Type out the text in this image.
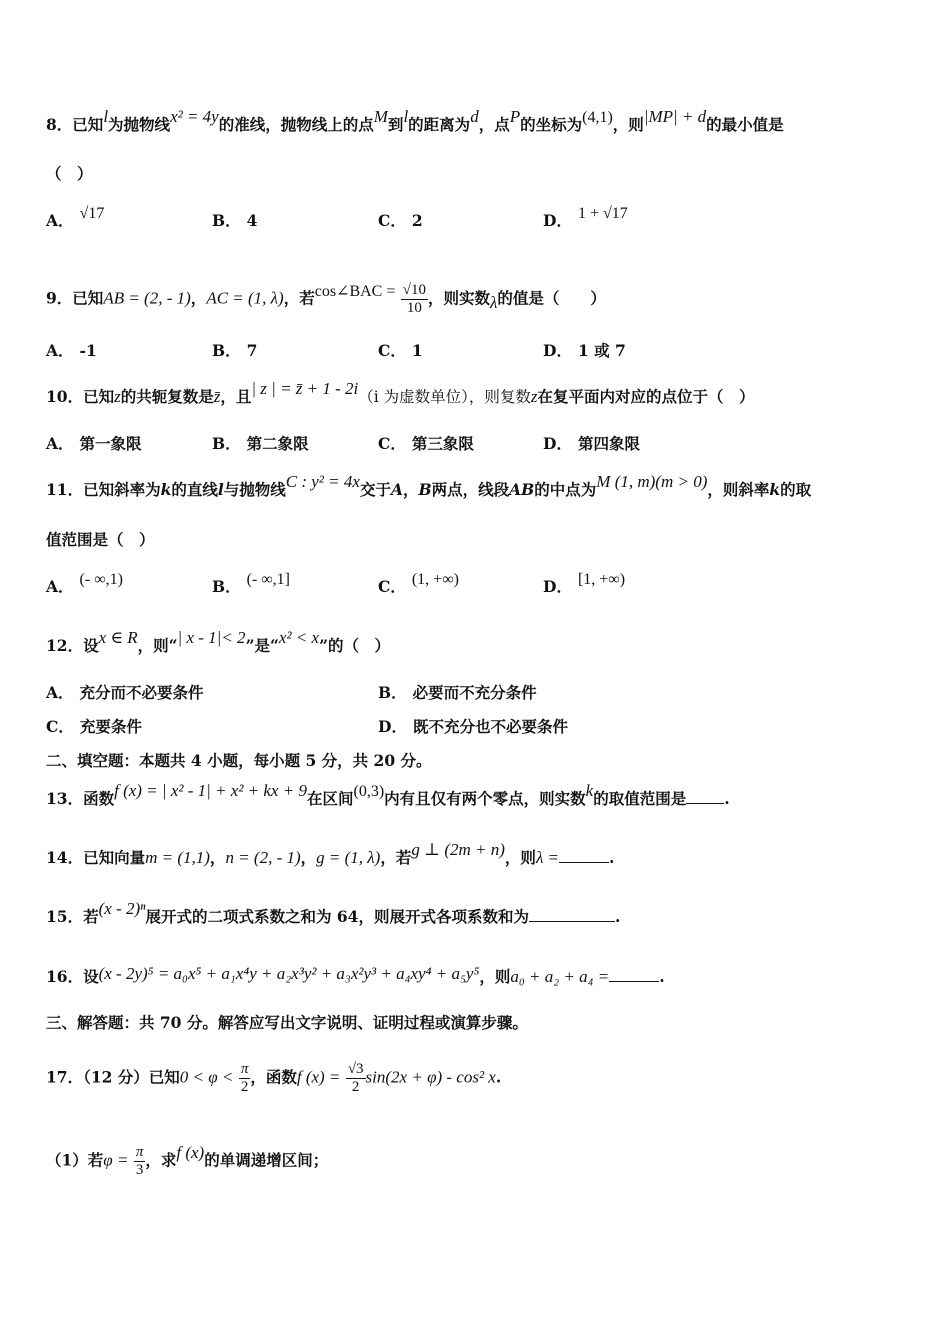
8．已知l为抛物线x² = 4y的准线，抛物线上的点M到l的距离为d，点P的坐标为(4,1)，则|MP| + d的最小值是
（　）
A． √17	B． 4	C． 2	D． 1 + √17
9．已知AB = (2, - 1)，AC = (1, λ)，若cos∠BAC = $\frac{√10}{10}$ ，则实数λ的值是（　　）
A． -1	B． 7	C． 1	D． 1 或 7
10．已知z的共轭复数是z̄，且| z | = z̄ + 1 - 2i（i 为虚数单位），则复数z在复平面内对应的点位于（　）
A． 第一象限	B． 第二象限	C． 第三象限	D． 第四象限
11．已知斜率为k的直线l与抛物线C : y² = 4x交于A，B两点，线段AB的中点为M (1, m)(m > 0)，则斜率k的取
值范围是（　）
A． (- ∞,1)	B． (- ∞,1]	C． (1, +∞)	D． [1, +∞)
12．设x ∈ R，则“| x - 1|< 2”是“x² < x”的（　）
A． 充分而不必要条件	B． 必要而不充分条件
C． 充要条件	D． 既不充分也不必要条件
二、填空题：本题共 4 小题，每小题 5 分，共 20 分。
13．函数f (x) = | x² - 1| + x² + kx + 9在区间(0,3)内有且仅有两个零点，则实数k的取值范围是 .
14．已知向量m = (1,1)，n = (2, - 1)，g = (1, λ)，若g ⊥ (2m + n)，则λ =	.
15．若(x - 2)ⁿ展开式的二项式系数之和为 64，则展开式各项系数和为	.
16．设(x - 2y)⁵ = a₀x⁵ + a₁x⁴y + a₂x³y² + a₃x²y³ + a₄xy⁴ + a₅y⁵，则a₀ + a₂ + a₄ =	.
三、解答题：共 70 分。解答应写出文字说明、证明过程或演算步骤。
17．（12 分）已知$0 < \varphi < \frac{\pi}{2}$ ，函数f $(x) = \frac{√3}{2} \sin(2x + \varphi) - \cos^2$ x.
（1）若$\varphi = \frac{\pi}{3}$ ，求f (x)的单调递增区间；
